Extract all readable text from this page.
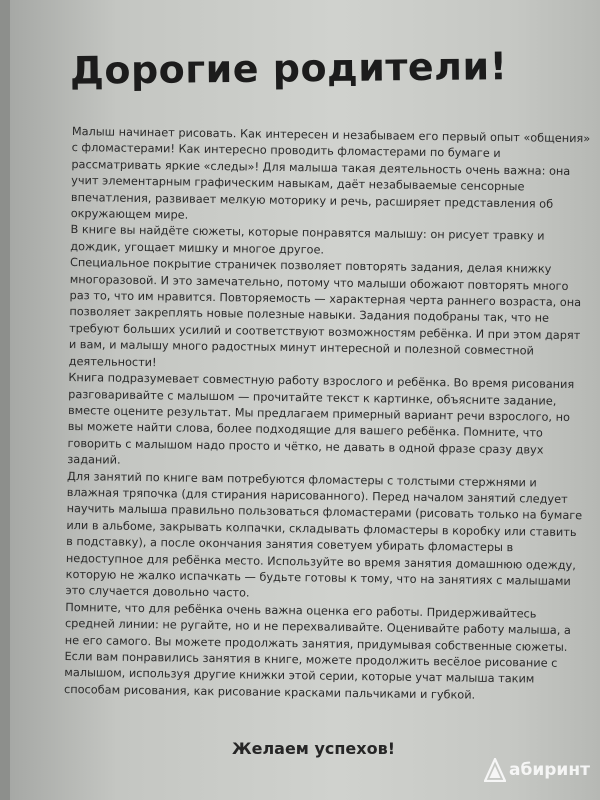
Дорогие родители!

Малыш начинает рисовать. Как интересен и незабываем его первый опыт «общения» с фломастерами! Как интересно проводить фломастерами по бумаге и рассматривать яркие «следы»! Для малыша такая деятельность очень важна: она учит элементарным графическим навыкам, даёт незабываемые сенсорные впечатления, развивает мелкую моторику и речь, расширяет представления об окружающем мире.

В книге вы найдёте сюжеты, которые понравятся малышу: он рисует травку и дождик, угощает мишку и многое другое.

Специальное покрытие страничек позволяет повторять задания, делая книжку многоразовой. И это замечательно, потому что малыши обожают повторять много раз то, что им нравится. Повторяемость — характерная черта раннего возраста, она позволяет закреплять новые полезные навыки. Задания подобраны так, что не требуют больших усилий и соответствуют возможностям ребёнка. И при этом дарят и вам, и малышу много радостных минут интересной и полезной совместной деятельности!

Книга подразумевает совместную работу взрослого и ребёнка. Во время рисования разговаривайте с малышом — прочитайте текст к картинке, объясните задание, вместе оцените результат. Мы предлагаем примерный вариант речи взрослого, но вы можете найти слова, более подходящие для вашего ребёнка. Помните, что говорить с малышом надо просто и чётко, не давать в одной фразе сразу двух заданий.

Для занятий по книге вам потребуются фломастеры с толстыми стержнями и влажная тряпочка (для стирания нарисованного). Перед началом занятий следует научить малыша правильно пользоваться фломастерами (рисовать только на бумаге или в альбоме, закрывать колпачки, складывать фломастеры в коробку или ставить в подставку), а после окончания занятия советуем убирать фломастеры в недоступное для ребёнка место. Используйте во время занятия домашнюю одежду, которую не жалко испачкать — будьте готовы к тому, что на занятиях с малышами это случается довольно часто.

Помните, что для ребёнка очень важна оценка его работы. Придерживайтесь средней линии: не ругайте, но и не перехваливайте. Оценивайте работу малыша, а не его самого. Вы можете продолжать занятия, придумывая собственные сюжеты. Если вам понравились занятия в книге, можете продолжить весёлое рисование с малышом, используя другие книжки этой серии, которые учат малыша таким способам рисования, как рисование красками пальчиками и губкой.

Желаем успехов!
абиринт
